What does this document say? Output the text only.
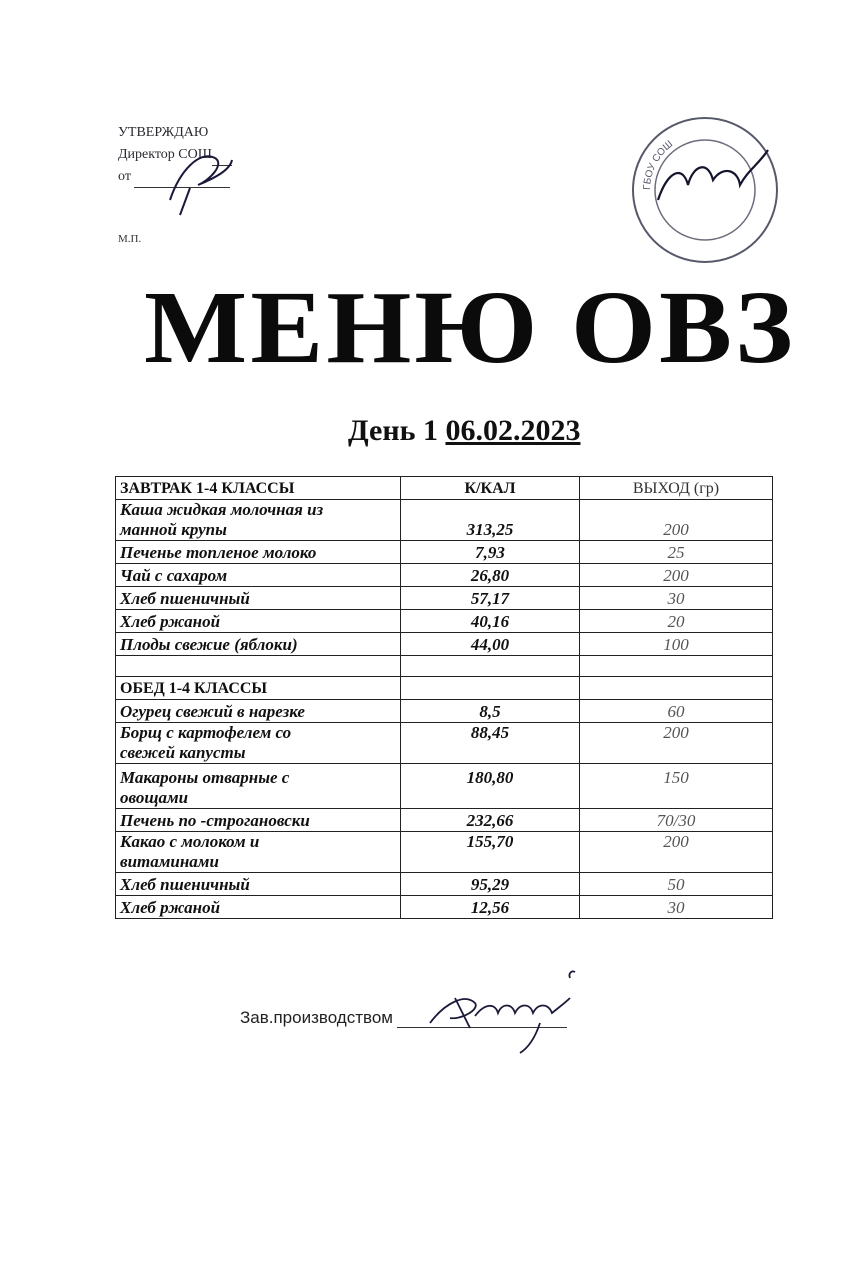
УТВЕРЖДАЮ
Директор СОШ
от
М.П.
ГБОУ СОШ
МЕНЮ ОВЗ
День 1 06.02.2023
ЗАВТРАК 1-4 КЛАССЫ	К/КАЛ	ВЫХОД (гр)
Каша жидкая молочная из
манной крупы	313,25	200
Печенье топленое молоко	7,93	25
Чай с сахаром	26,80	200
Хлеб пшеничный	57,17	30
Хлеб ржаной	40,16	20
Плоды свежие (яблоки)	44,00	100

ОБЕД 1-4 КЛАССЫ		
Огурец свежий в нарезке	8,5	60
Борщ с картофелем со
свежей капусты	88,45	200
Макароны отварные с
овощами	180,80	150
Печень по -строгановски	232,66	70/30
Какао с молоком и
витаминами	155,70	200
Хлеб пшеничный	95,29	50
Хлеб ржаной	12,56	30
Зав.производством
